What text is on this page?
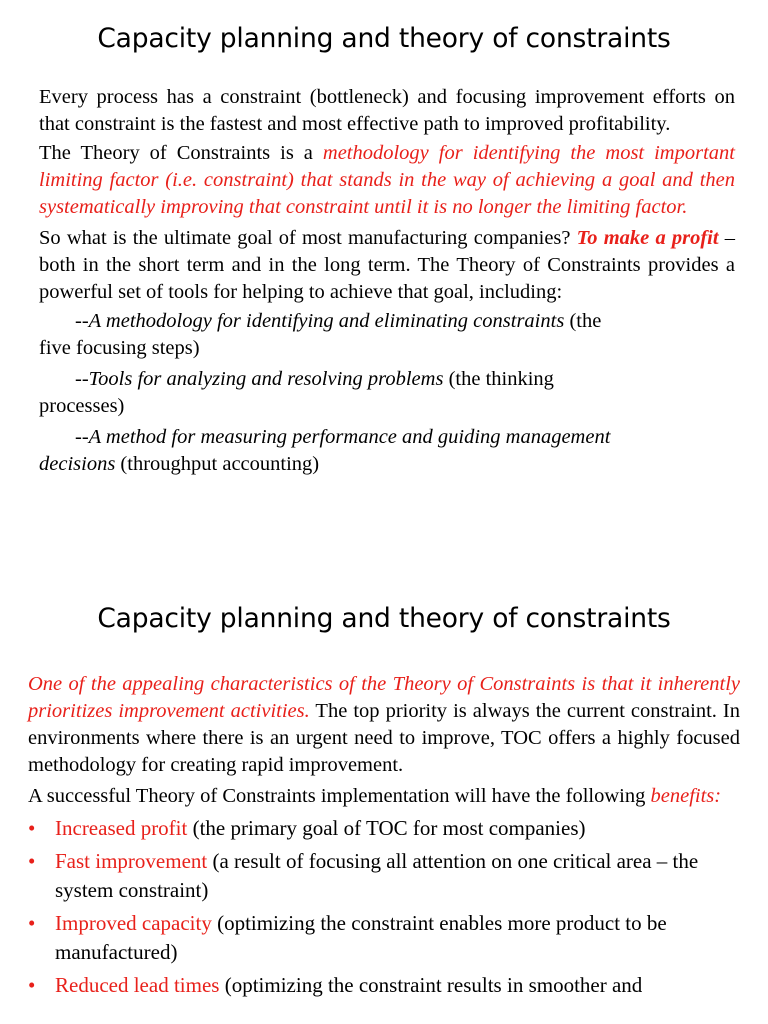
Capacity planning and theory of constraints

Every process has a constraint (bottleneck) and focusing improvement efforts on that constraint is the fastest and most effective path to improved profitability.

The Theory of Constraints is a methodology for identifying the most important limiting factor (i.e. constraint) that stands in the way of achieving a goal and then systematically improving that constraint until it is no longer the limiting factor.

So what is the ultimate goal of most manufacturing companies? To make a profit – both in the short term and in the long term. The Theory of Constraints provides a powerful set of tools for helping to achieve that goal, including:

--A methodology for identifying and eliminating constraints (the
five focusing steps)
--Tools for analyzing and resolving problems (the thinking
processes)
--A method for measuring performance and guiding management
decisions (throughput accounting)
Capacity planning and theory of constraints

One of the appealing characteristics of the Theory of Constraints is that it inherently prioritizes improvement activities. The top priority is always the current constraint. In environments where there is an urgent need to improve, TOC offers a highly focused methodology for creating rapid improvement.

A successful Theory of Constraints implementation will have the following benefits:

• Increased profit (the primary goal of TOC for most companies)
• Fast improvement (a result of focusing all attention on one critical area – the system constraint)
• Improved capacity (optimizing the constraint enables more product to be manufactured)
• Reduced lead times (optimizing the constraint results in smoother and
